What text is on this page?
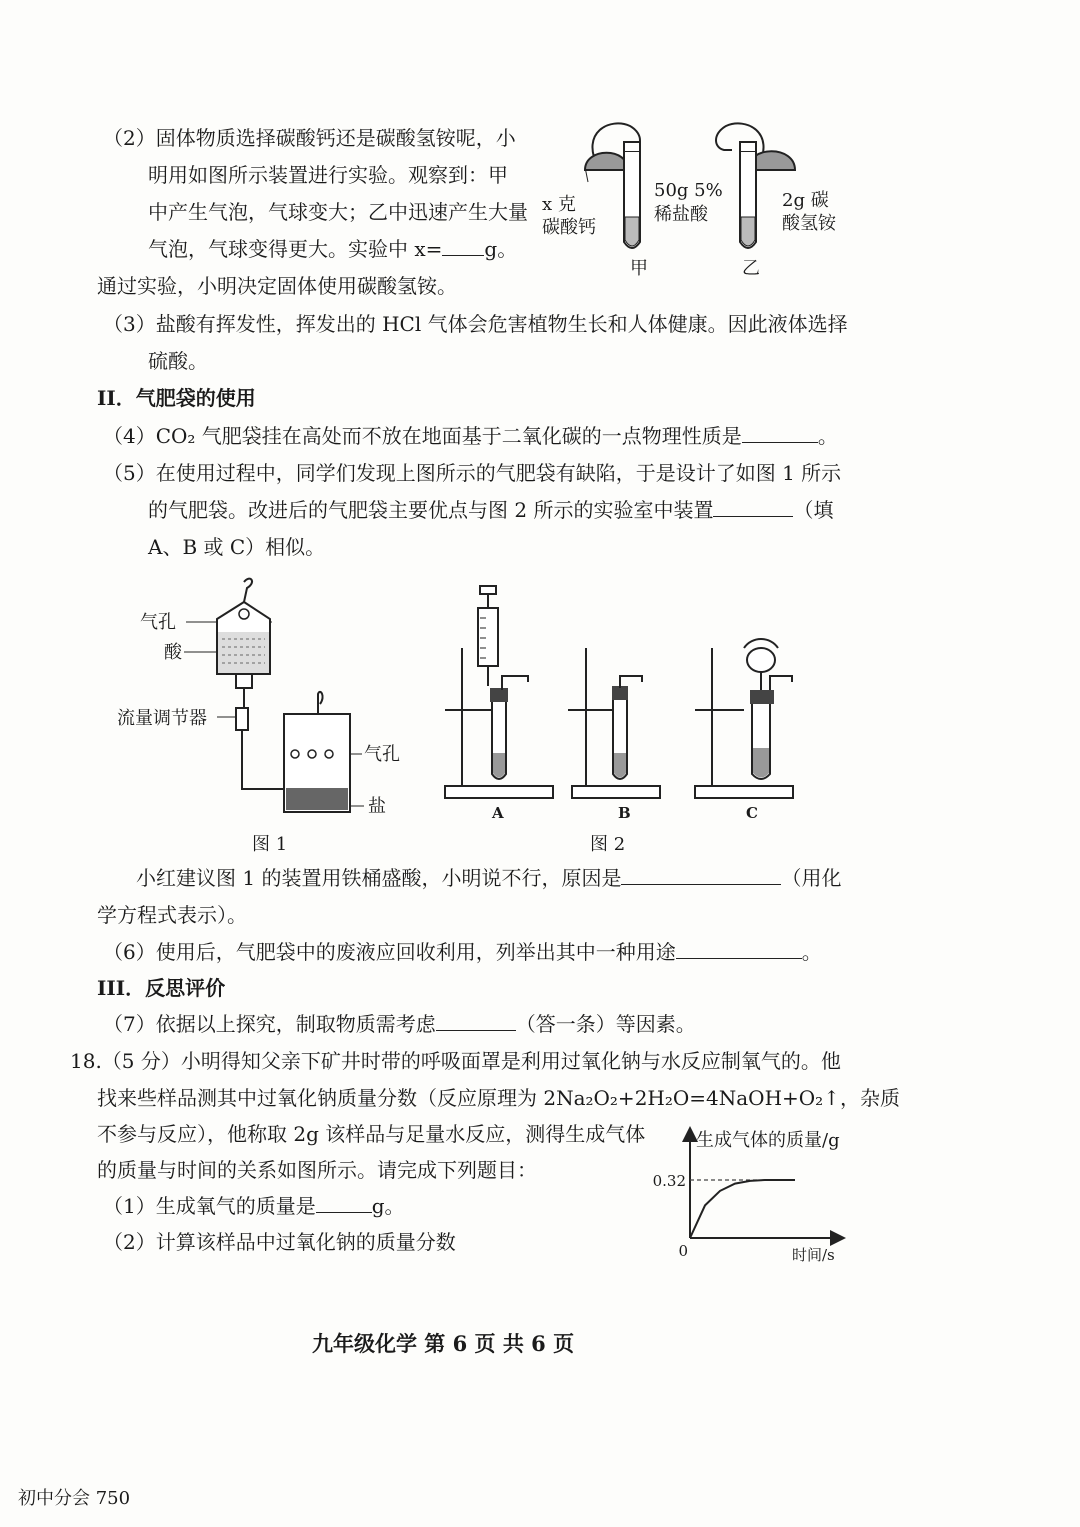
（2）固体物质选择碳酸钙还是碳酸氢铵呢，小
明用如图所示装置进行实验。观察到：甲
中产生气泡，气球变大；乙中迅速产生大量
气泡，气球变得更大。实验中 x= g。
通过实验，小明决定固体使用碳酸氢铵。
甲	乙
x 克
碳酸钙
50g 5%
稀盐酸
2g 碳
酸氢铵
（3）盐酸有挥发性，挥发出的 HCl 气体会危害植物生长和人体健康。因此液体选择
硫酸。
II．气肥袋的使用
（4）CO₂ 气肥袋挂在高处而不放在地面基于二氧化碳的一点物理性质是	。
（5）在使用过程中，同学们发现上图所示的气肥袋有缺陷，于是设计了如图 1 所示
的气肥袋。改进后的气肥袋主要优点与图 2 所示的实验室中装置	（填
A、B 或 C）相似。
气孔
酸
流量调节器
气孔
盐
图 1
A	B	C
图 2
小红建议图 1 的装置用铁桶盛酸，小明说不行，原因是	（用化
学方程式表示）。
（6）使用后，气肥袋中的废液应回收利用，列举出其中一种用途	。
III．反思评价
（7）依据以上探究，制取物质需考虑	（答一条）等因素。
18.（5 分）小明得知父亲下矿井时带的呼吸面罩是利用过氧化钠与水反应制氧气的。他
找来些样品测其中过氧化钠质量分数（反应原理为 2Na₂O₂+2H₂O=4NaOH+O₂↑，杂质
不参与反应），他称取 2g 该样品与足量水反应，测得生成气体
的质量与时间的关系如图所示。请完成下列题目：
（1）生成氧气的质量是	g。
（2）计算该样品中过氧化钠的质量分数
生成气体的质量/g
0.32
0	时间/s
九年级化学 第 6 页 共 6 页
初中分会 750
